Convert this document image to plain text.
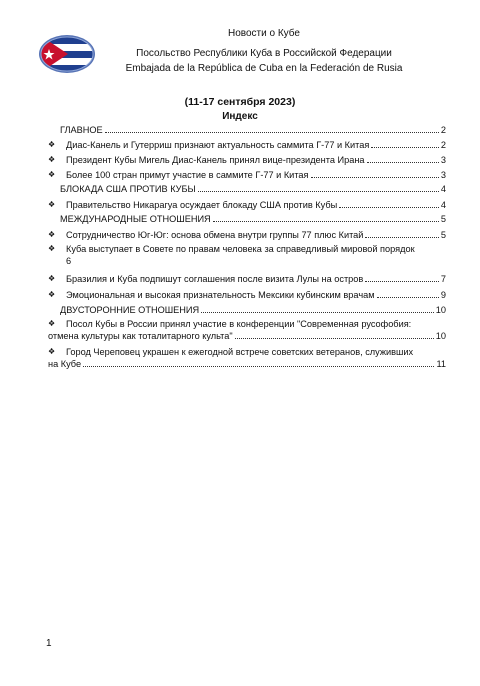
Новости о Кубе
Посольство Республики Куба в Российской Федерации
Embajada de la República de Cuba en la Federación de Rusia
(11-17 сентября 2023)
Индекс
ГЛАВНОЕ	2
❖	Диас-Канель и Гутерриш признают актуальность саммита Г-77 и Китая	2
❖	Президент Кубы Мигель Диас-Канель принял вице-президента Ирана	3
❖	Более 100 стран примут участие в саммите Г-77 и Китая	3
БЛОКАДА США ПРОТИВ КУБЫ	4
❖	Правительство Никарагуа осуждает блокаду США против Кубы	4
МЕЖДУНАРОДНЫЕ ОТНОШЕНИЯ	5
❖	Сотрудничество Юг-Юг: основа обмена внутри группы 77 плюс Китай	5
❖ Куба выступает в Совете по правам человека за справедливый мировой порядок
6
❖	Бразилия и Куба подпишут соглашения после визита Лулы на остров	7
❖	Эмоциональная и высокая признательность Мексики кубинским врачам	9
ДВУСТОРОННИЕ ОТНОШЕНИЯ	10
❖	Посол Кубы в России принял участие в конференции "Современная русофобия:
отмена культуры как тоталитарного культа"	10
❖	Город Череповец украшен к ежегодной встрече советских ветеранов, служивших
на Кубе	11
1
